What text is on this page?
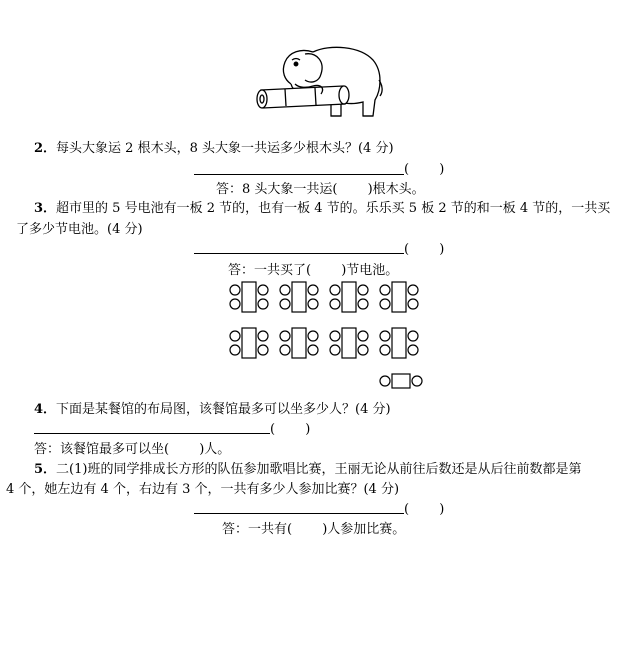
2．每头大象运 2 根木头，8 头大象一共运多少根木头？(4 分)
(　　 )
答：8 头大象一共运(　　 )根木头。
3．超市里的 5 号电池有一板 2 节的，也有一板 4 节的。乐乐买 5 板 2 节的和一板 4 节的，一共买
了多少节电池。(4 分)
(　　 )
答：一共买了(　　 )节电池。
4．下面是某餐馆的布局图，该餐馆最多可以坐多少人？(4 分)
(　　 )
答：该餐馆最多可以坐(　　 )人。
5．二(1)班的同学排成长方形的队伍参加歌唱比赛，王丽无论从前往后数还是从后往前数都是第
4 个，她左边有 4 个，右边有 3 个，一共有多少人参加比赛？(4 分)
(　　 )
答：一共有(　　 )人参加比赛。
